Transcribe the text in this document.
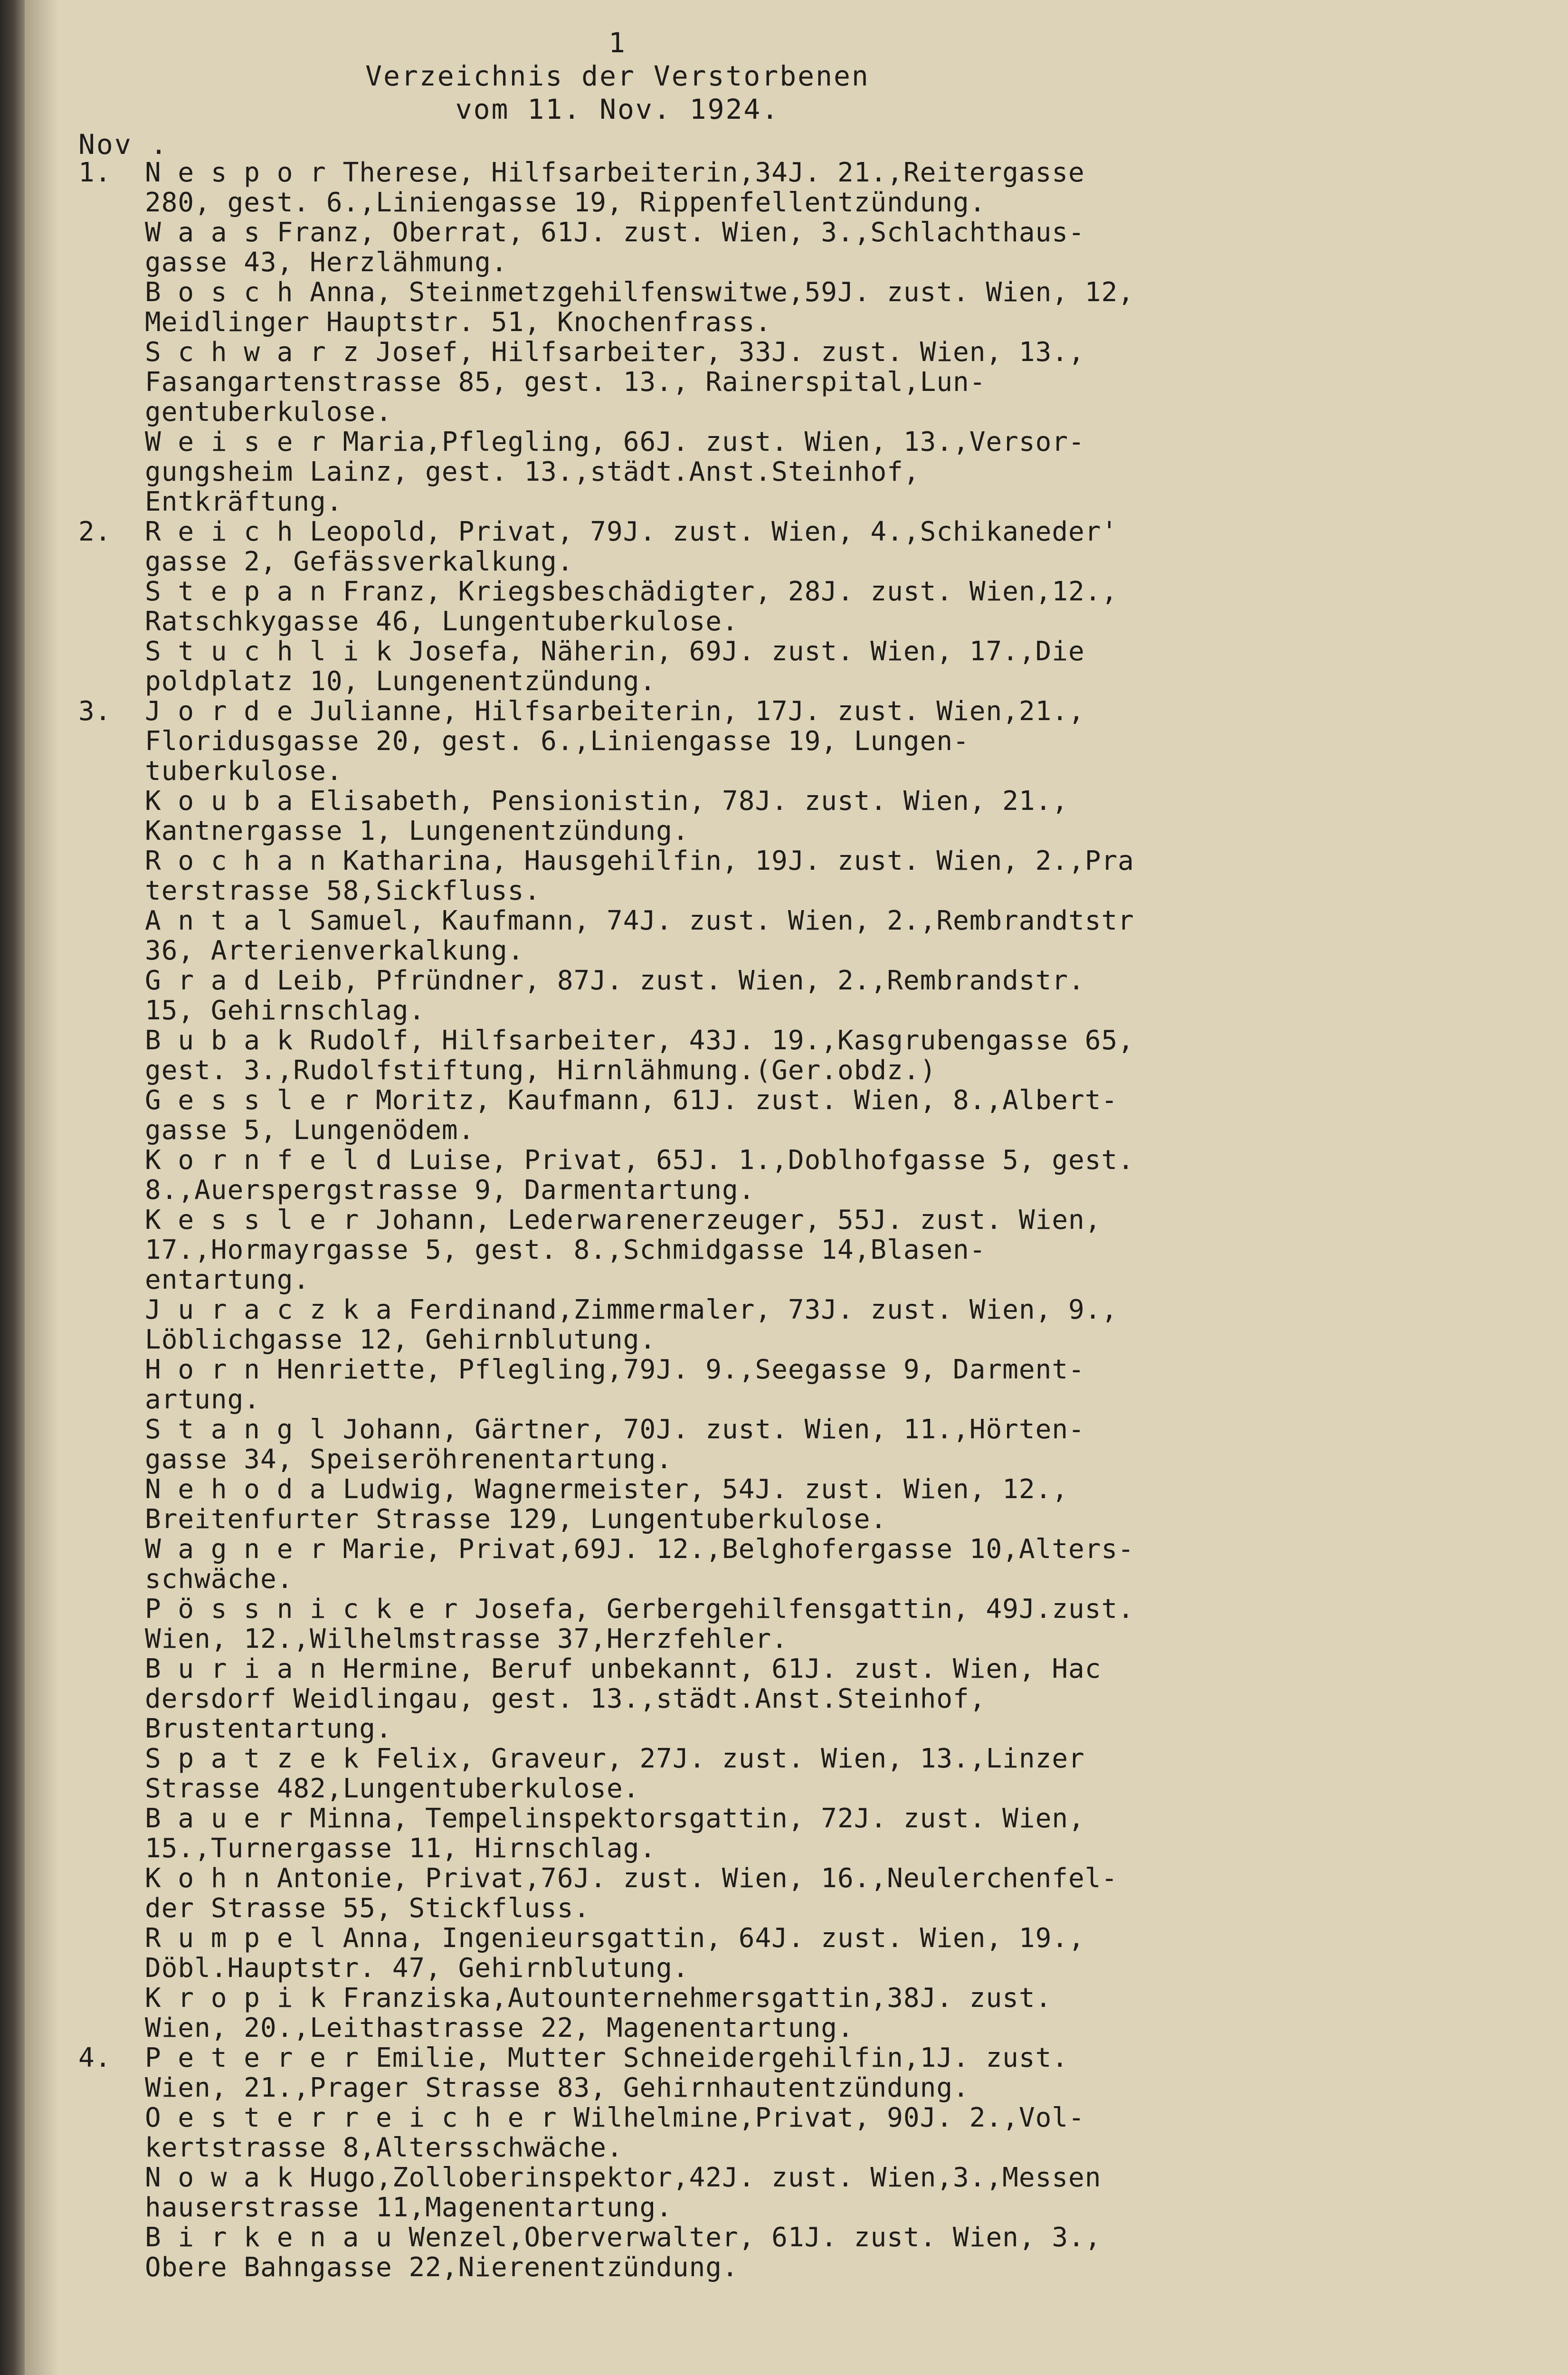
1
Verzeichnis der Verstorbenen
vom 11. Nov. 1924.
Nov .
1.	N e s p o r Therese, Hilfsarbeiterin,34J. 21.,Reitergasse
280, gest. 6.,Liniengasse 19, Rippenfellentzündung.
W a a s Franz, Oberrat, 61J. zust. Wien, 3.,Schlachthaus-
gasse 43, Herzlähmung.
B o s c h Anna, Steinmetzgehilfenswitwe,59J. zust. Wien, 12,
Meidlinger Hauptstr. 51, Knochenfrass.
S c h w a r z Josef, Hilfsarbeiter, 33J. zust. Wien, 13.,
Fasangartenstrasse 85, gest. 13., Rainerspital,Lun-
gentuberkulose.
W e i s e r Maria,Pflegling, 66J. zust. Wien, 13.,Versor-
gungsheim Lainz, gest. 13.,städt.Anst.Steinhof,
Entkräftung.
2.	R e i c h Leopold, Privat, 79J. zust. Wien, 4.,Schikaneder'
gasse 2, Gefässverkalkung.
S t e p a n Franz, Kriegsbeschädigter, 28J. zust. Wien,12.,
Ratschkygasse 46, Lungentuberkulose.
S t u c h l i k Josefa, Näherin, 69J. zust. Wien, 17.,Die
poldplatz 10, Lungenentzündung.
3.	J o r d e Julianne, Hilfsarbeiterin, 17J. zust. Wien,21.,
Floridusgasse 20, gest. 6.,Liniengasse 19, Lungen-
tuberkulose.
K o u b a Elisabeth, Pensionistin, 78J. zust. Wien, 21.,
Kantnergasse 1, Lungenentzündung.
R o c h a n Katharina, Hausgehilfin, 19J. zust. Wien, 2.,Pra
terstrasse 58,Sickfluss.
A n t a l Samuel, Kaufmann, 74J. zust. Wien, 2.,Rembrandtstr
36, Arterienverkalkung.
G r a d Leib, Pfründner, 87J. zust. Wien, 2.,Rembrandstr.
15, Gehirnschlag.
B u b a k Rudolf, Hilfsarbeiter, 43J. 19.,Kasgrubengasse 65,
gest. 3.,Rudolfstiftung, Hirnlähmung.(Ger.obdz.)
G e s s l e r Moritz, Kaufmann, 61J. zust. Wien, 8.,Albert-
gasse 5, Lungenödem.
K o r n f e l d Luise, Privat, 65J. 1.,Doblhofgasse 5, gest.
8.,Auerspergstrasse 9, Darmentartung.
K e s s l e r Johann, Lederwarenerzeuger, 55J. zust. Wien,
17.,Hormayrgasse 5, gest. 8.,Schmidgasse 14,Blasen-
entartung.
J u r a c z k a Ferdinand,Zimmermaler, 73J. zust. Wien, 9.,
Löblichgasse 12, Gehirnblutung.
H o r n Henriette, Pflegling,79J. 9.,Seegasse 9, Darment-
artung.
S t a n g l Johann, Gärtner, 70J. zust. Wien, 11.,Hörten-
gasse 34, Speiseröhrenentartung.
N e h o d a Ludwig, Wagnermeister, 54J. zust. Wien, 12.,
Breitenfurter Strasse 129, Lungentuberkulose.
W a g n e r Marie, Privat,69J. 12.,Belghofergasse 10,Alters-
schwäche.
P ö s s n i c k e r Josefa, Gerbergehilfensgattin, 49J.zust.
Wien, 12.,Wilhelmstrasse 37,Herzfehler.
B u r i a n Hermine, Beruf unbekannt, 61J. zust. Wien, Hac
dersdorf Weidlingau, gest. 13.,städt.Anst.Steinhof,
Brustentartung.
S p a t z e k Felix, Graveur, 27J. zust. Wien, 13.,Linzer
Strasse 482,Lungentuberkulose.
B a u e r Minna, Tempelinspektorsgattin, 72J. zust. Wien,
15.,Turnergasse 11, Hirnschlag.
K o h n Antonie, Privat,76J. zust. Wien, 16.,Neulerchenfel-
der Strasse 55, Stickfluss.
R u m p e l Anna, Ingenieursgattin, 64J. zust. Wien, 19.,
Döbl.Hauptstr. 47, Gehirnblutung.
K r o p i k Franziska,Autounternehmersgattin,38J. zust.
Wien, 20.,Leithastrasse 22, Magenentartung.
4.	P e t e r e r Emilie, Mutter Schneidergehilfin,1J. zust.
Wien, 21.,Prager Strasse 83, Gehirnhautentzündung.
O e s t e r r e i c h e r Wilhelmine,Privat, 90J. 2.,Vol-
kertstrasse 8,Altersschwäche.
N o w a k Hugo,Zolloberinspektor,42J. zust. Wien,3.,Messen
hauserstrasse 11,Magenentartung.
B i r k e n a u Wenzel,Oberverwalter, 61J. zust. Wien, 3.,
Obere Bahngasse 22,Nierenentzündung.
